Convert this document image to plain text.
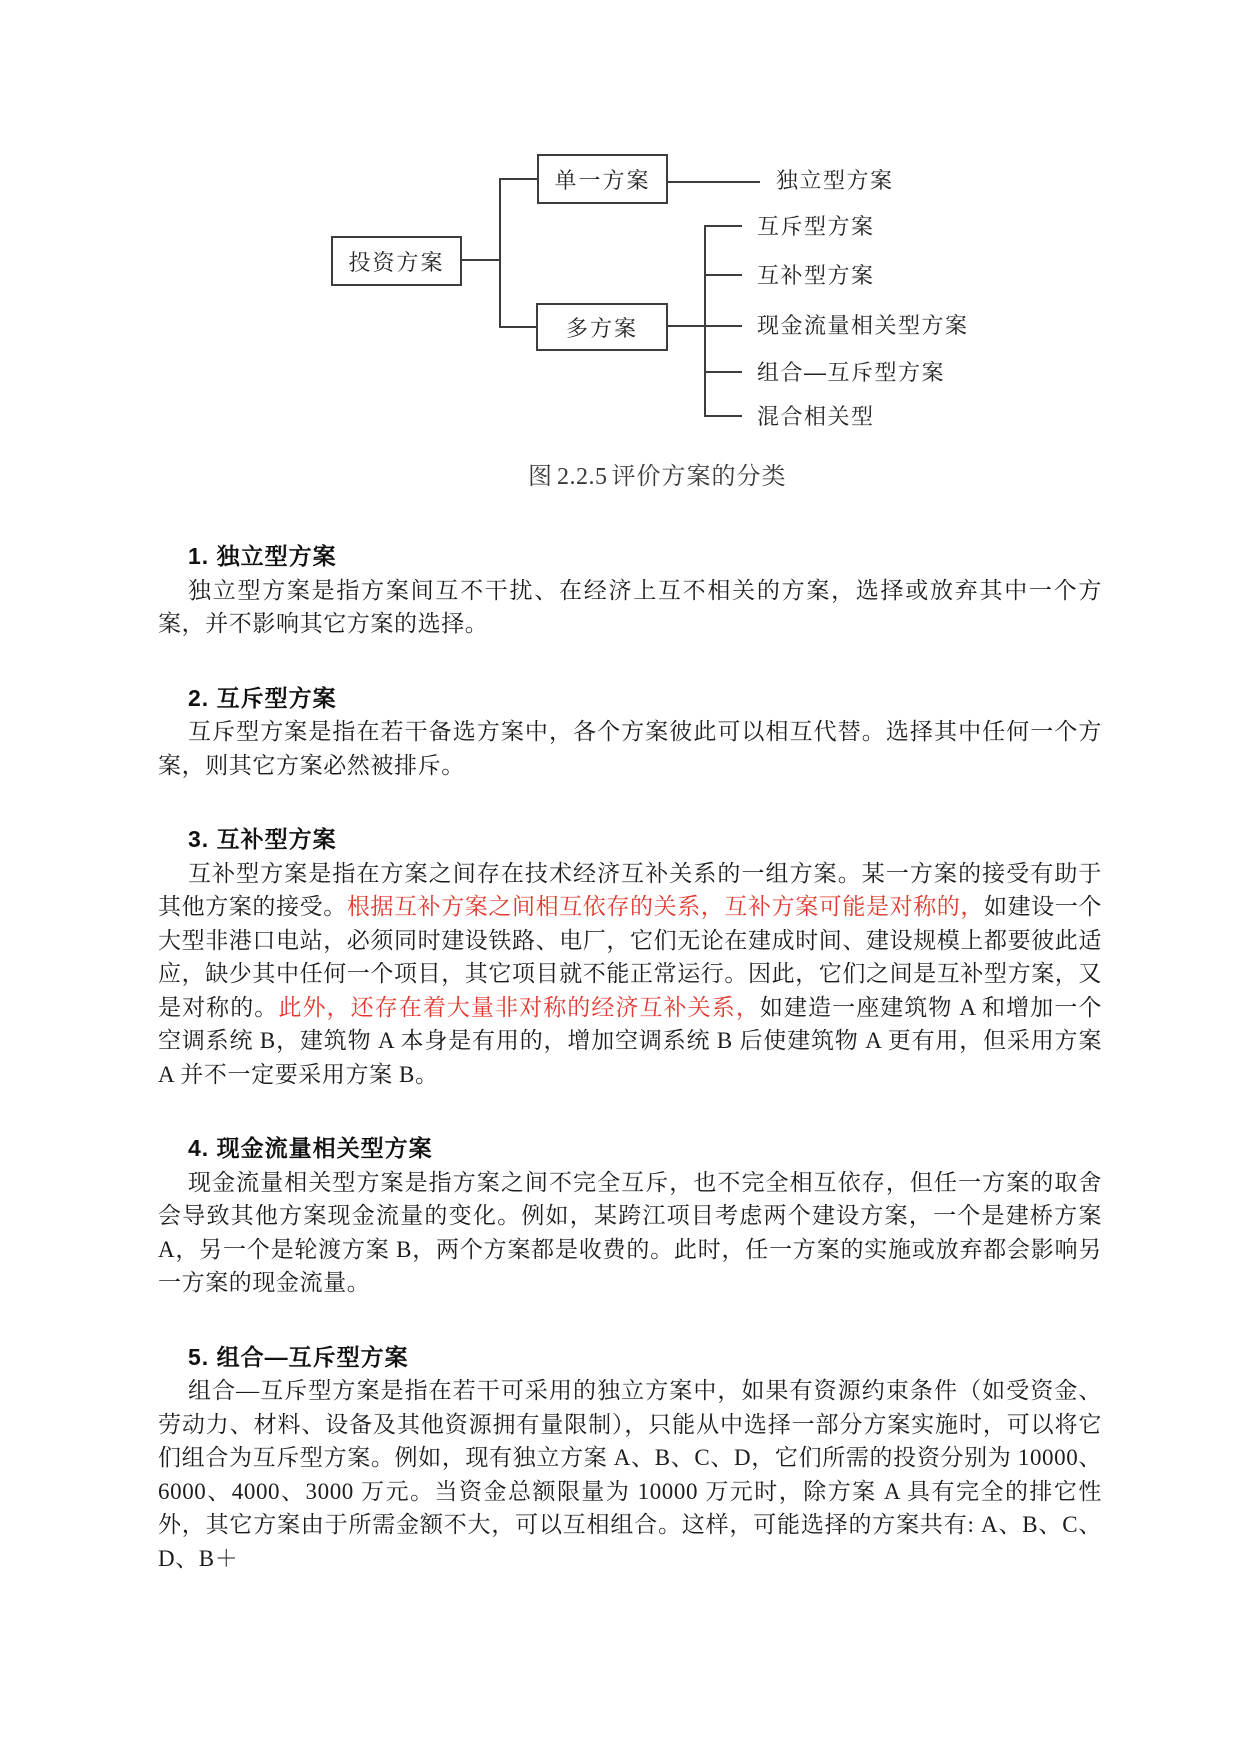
投资方案
单一方案
多方案
独立型方案
互斥型方案
互补型方案
现金流量相关型方案
组合—互斥型方案
混合相关型
图 2.2.5 评价方案的分类
1. 独立型方案

独立型方案是指方案间互不干扰、在经济上互不相关的方案，选择或放弃其中一个方案，并不影响其它方案的选择。

2. 互斥型方案

互斥型方案是指在若干备选方案中，各个方案彼此可以相互代替。选择其中任何一个方案，则其它方案必然被排斥。

3. 互补型方案

互补型方案是指在方案之间存在技术经济互补关系的一组方案。某一方案的接受有助于其他方案的接受。根据互补方案之间相互依存的关系，互补方案可能是对称的，如建设一个大型非港口电站，必须同时建设铁路、电厂，它们无论在建成时间、建设规模上都要彼此适应，缺少其中任何一个项目，其它项目就不能正常运行。因此，它们之间是互补型方案，又是对称的。此外，还存在着大量非对称的经济互补关系，如建造一座建筑物 A 和增加一个空调系统 B，建筑物 A 本身是有用的，增加空调系统 B 后使建筑物 A 更有用，但采用方案 A 并不一定要采用方案 B。

4. 现金流量相关型方案

现金流量相关型方案是指方案之间不完全互斥，也不完全相互依存，但任一方案的取舍会导致其他方案现金流量的变化。例如，某跨江项目考虑两个建设方案，一个是建桥方案 A，另一个是轮渡方案 B，两个方案都是收费的。此时，任一方案的实施或放弃都会影响另一方案的现金流量。

5. 组合—互斥型方案

组合—互斥型方案是指在若干可采用的独立方案中，如果有资源约束条件（如受资金、劳动力、材料、设备及其他资源拥有量限制），只能从中选择一部分方案实施时，可以将它们组合为互斥型方案。例如，现有独立方案 A、B、C、D，它们所需的投资分别为 10000、6000、4000、3000 万元。当资金总额限量为 10000 万元时，除方案 A 具有完全的排它性外，其它方案由于所需金额不大，可以互相组合。这样，可能选择的方案共有: A、B、C、D、B＋
